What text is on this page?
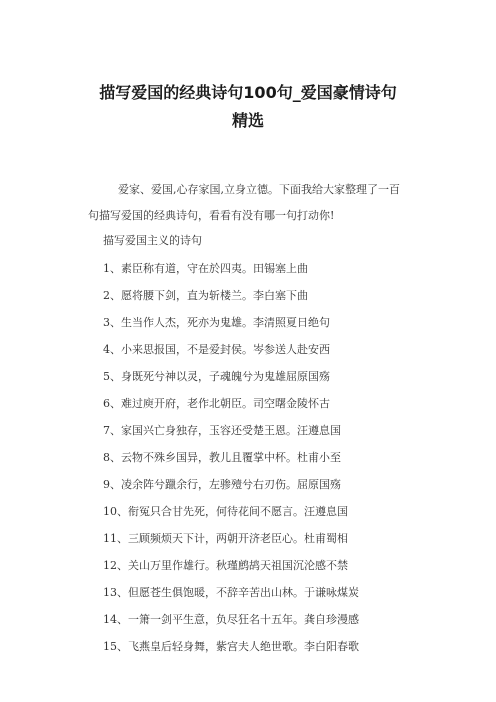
描写爱国的经典诗句100句_爱国豪情诗句
精选
爱家、爱国,心存家国,立身立德。下面我给大家整理了一百
句描写爱国的经典诗句，看看有没有哪一句打动你!
描写爱国主义的诗句
1、素臣称有道，守在於四夷。田锡塞上曲
2、愿将腰下剑，直为斩楼兰。李白塞下曲
3、生当作人杰，死亦为鬼雄。李清照夏日绝句
4、小来思报国，不是爱封侯。岑参送人赴安西
5、身既死兮神以灵，子魂魄兮为鬼雄屈原国殇
6、难过庾开府，老作北朝臣。司空曙金陵怀古
7、家国兴亡身独存，玉容还受楚王恩。汪遵息国
8、云物不殊乡国异，教儿且覆掌中杯。杜甫小至
9、凌余阵兮躐余行，左骖殪兮右刃伤。屈原国殇
10、衔冤只合甘先死，何待花间不愿言。汪遵息国
11、三顾频烦天下计，两朝开济老臣心。杜甫蜀相
12、关山万里作雄行。秋瑾鹧鸪天祖国沉沦感不禁
13、但愿苍生俱饱暖，不辞辛苦出山林。于谦咏煤炭
14、一箫一剑平生意，负尽狂名十五年。龚自珍漫感
15、飞燕皇后轻身舞，紫宫夫人绝世歌。李白阳春歌
